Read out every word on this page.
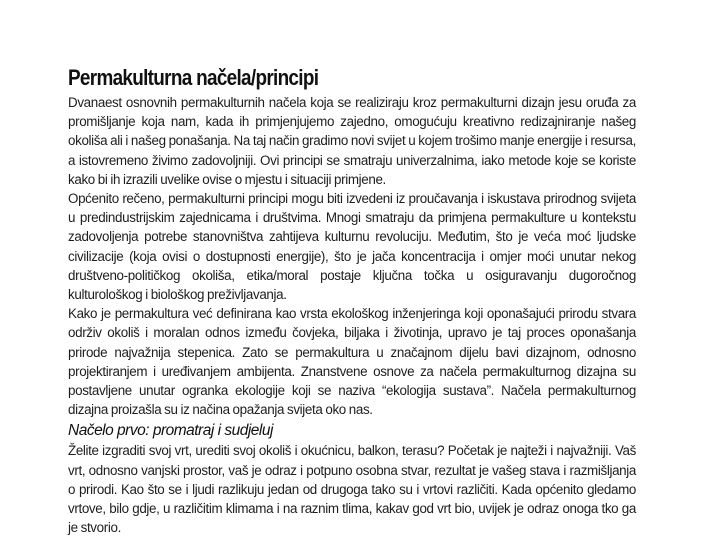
Permakulturna načela/principi

Dvanaest osnovnih permakulturnih načela koja se realiziraju kroz permakulturni dizajn jesu oruđa za promišljanje koja nam, kada ih primjenjujemo zajedno, omogućuju kreativno redizajniranje našeg okoliša ali i našeg ponašanja. Na taj način gradimo novi svijet u kojem trošimo manje energije i resursa, a istovremeno živimo zadovoljniji. Ovi principi se smatraju univerzalnima, iako metode koje se koriste kako bi ih izrazili uvelike ovise o mjestu i situaciji primjene.

Općenito rečeno, permakulturni principi mogu biti izvedeni iz proučavanja i iskustava prirodnog svijeta u predindustrijskim zajednicama i društvima. Mnogi smatraju da primjena permakulture u kontekstu zadovoljenja potrebe stanovništva zahtijeva kulturnu revoluciju. Međutim, što je veća moć ljudske civilizacije (koja ovisi o dostupnosti energije), što je jača koncentracija i omjer moći unutar nekog društveno-političkog okoliša, etika/moral postaje ključna točka u osiguravanju dugoročnog kulturološkog i biološkog preživljavanja.

Kako je permakultura već definirana kao vrsta ekološkog inženjeringa koji oponašajući prirodu stvara održiv okoliš i moralan odnos između čovjeka, biljaka i životinja, upravo je taj proces oponašanja prirode najvažnija stepenica. Zato se permakultura u značajnom dijelu bavi dizajnom, odnosno projektiranjem i uređivanjem ambijenta. Znanstvene osnove za načela permakulturnog dizajna su postavljene unutar ogranka ekologije koji se naziva “ekologija sustava”. Načela permakulturnog dizajna proizašla su iz načina opažanja svijeta oko nas.

Načelo prvo: promatraj i sudjeluj

Želite izgraditi svoj vrt, urediti svoj okoliš i okućnicu, balkon, terasu? Početak je najteži i najvažniji. Vaš vrt, odnosno vanjski prostor, vaš je odraz i potpuno osobna stvar, rezultat je vašeg stava i razmišljanja o prirodi. Kao što se i ljudi razlikuju jedan od drugoga tako su i vrtovi različiti. Kada općenito gledamo vrtove, bilo gdje, u različitim klimama i na raznim tlima, kakav god vrt bio, uvijek je odraz onoga tko ga je stvorio.
